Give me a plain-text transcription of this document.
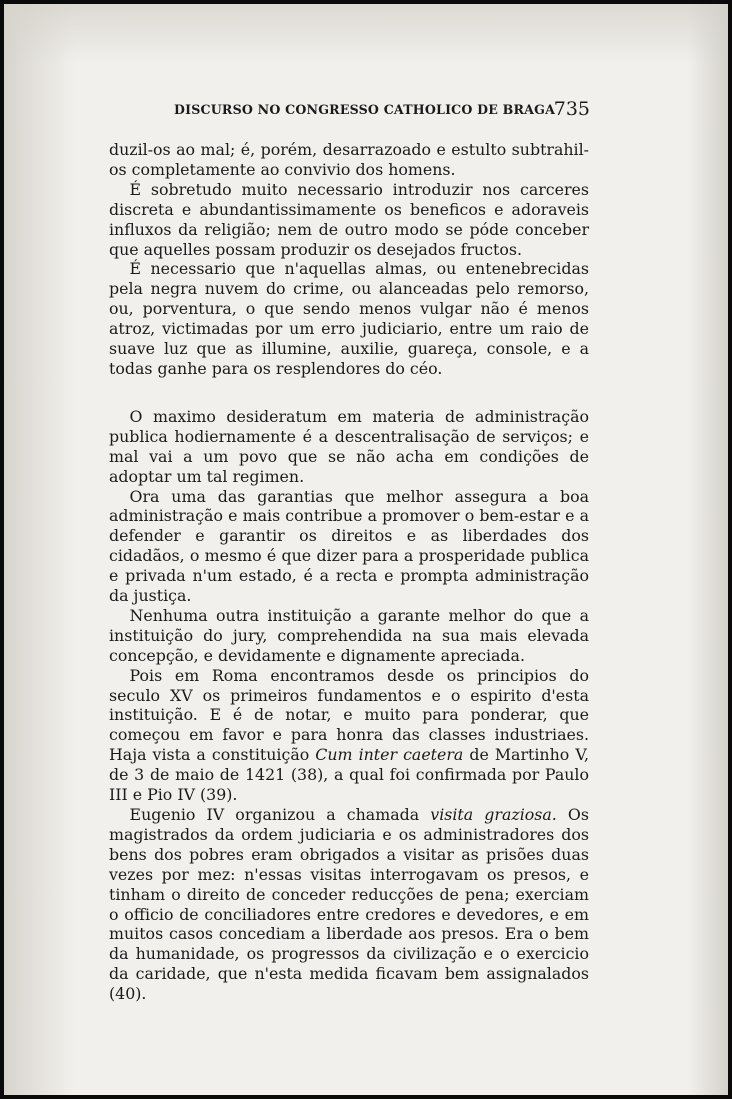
DISCURSO NO CONGRESSO CATHOLICO DE BRAGA
735

duzil-os ao mal; é, porém, desarrazoado e estulto subtrahil-os completamente ao convivio dos homens.

É sobretudo muito necessario introduzir nos carceres discreta e abundantissimamente os beneficos e adoraveis influxos da religião; nem de outro modo se póde conceber que aquelles possam produzir os desejados fructos.

É necessario que n'aquellas almas, ou entenebrecidas pela negra nuvem do crime, ou alanceadas pelo remorso, ou, porventura, o que sendo menos vulgar não é menos atroz, victimadas por um erro judiciario, entre um raio de suave luz que as illumine, auxilie, guareça, console, e a todas ganhe para os resplendores do céo.

O maximo desideratum em materia de administração publica hodiernamente é a descentralisação de serviços; e mal vai a um povo que se não acha em condições de adoptar um tal regimen.

Ora uma das garantias que melhor assegura a boa administração e mais contribue a promover o bem-estar e a defender e garantir os direitos e as liberdades dos cidadãos, o mesmo é que dizer para a prosperidade publica e privada n'um estado, é a recta e prompta administração da justiça.

Nenhuma outra instituição a garante melhor do que a instituição do jury, comprehendida na sua mais elevada concepção, e devidamente e dignamente apreciada.

Pois em Roma encontramos desde os principios do seculo XV os primeiros fundamentos e o espirito d'esta instituição. E é de notar, e muito para ponderar, que começou em favor e para honra das classes industriaes. Haja vista a constituição Cum inter caetera de Martinho V, de 3 de maio de 1421 (38), a qual foi confirmada por Paulo III e Pio IV (39).

Eugenio IV organizou a chamada visita graziosa. Os magistrados da ordem judiciaria e os administradores dos bens dos pobres eram obrigados a visitar as prisões duas vezes por mez: n'essas visitas interrogavam os presos, e tinham o direito de conceder reducções de pena; exerciam o officio de conciliadores entre credores e devedores, e em muitos casos concediam a liberdade aos presos. Era o bem da humanidade, os progressos da civilização e o exercicio da caridade, que n'esta medida ficavam bem assignalados (40).
